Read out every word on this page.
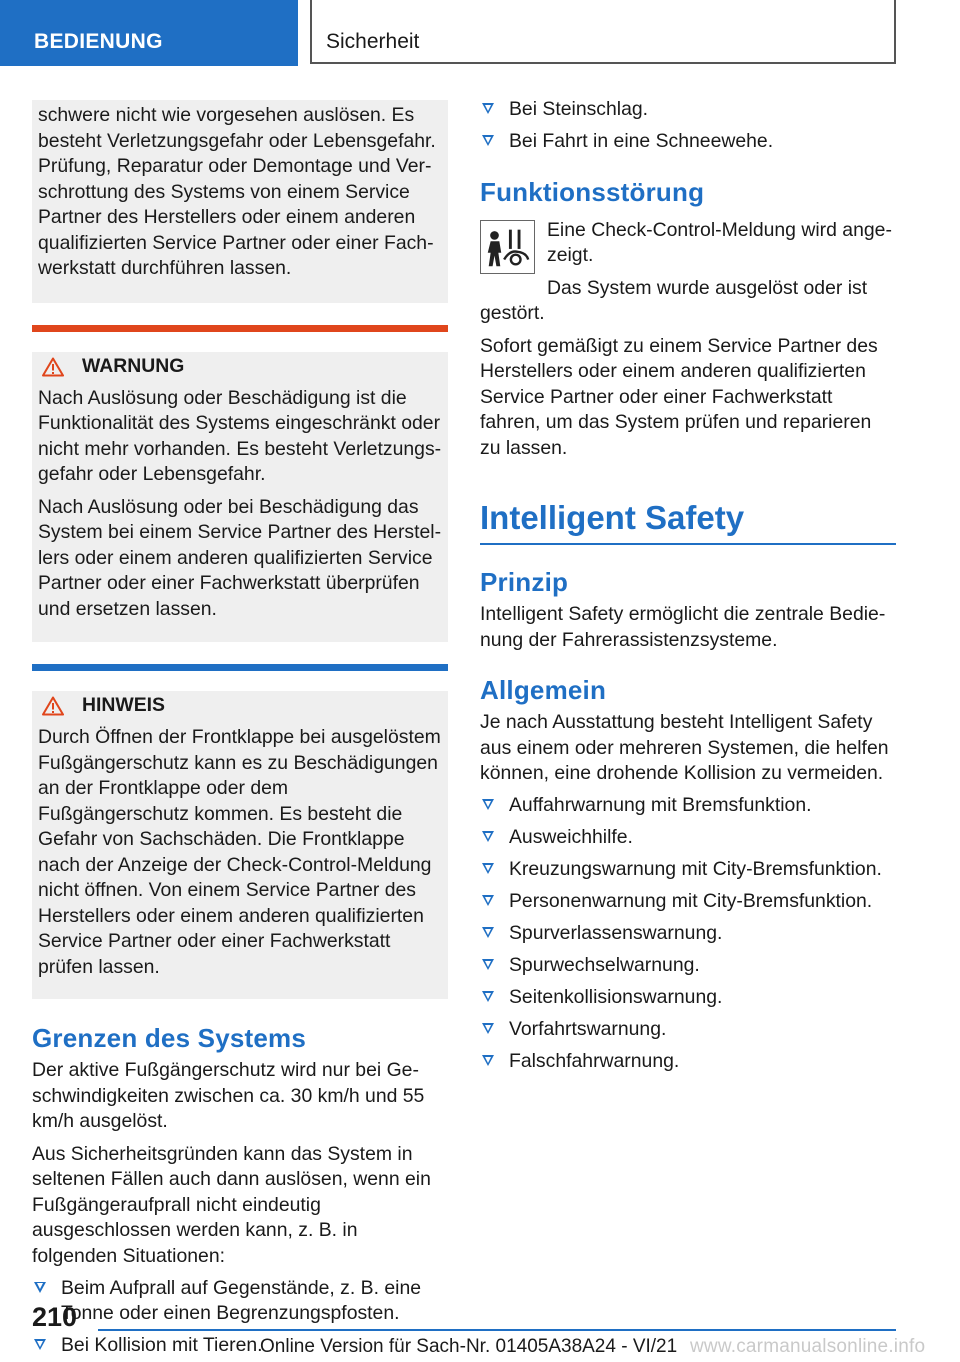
BEDIENUNG	Sicherheit

schwere nicht wie vorgesehen auslösen. Es besteht Verletzungsgefahr oder Lebensgefahr. Prüfung, Reparatur oder Demontage und Verschrottung des Systems von einem Service Partner des Herstellers oder einem anderen qualifizierten Service Partner oder einer Fachwerkstatt durchführen lassen.

WARNUNG

Nach Auslösung oder Beschädigung ist die Funktionalität des Systems eingeschränkt oder nicht mehr vorhanden. Es besteht Verletzungsgefahr oder Lebensgefahr.

Nach Auslösung oder bei Beschädigung das System bei einem Service Partner des Herstellers oder einem anderen qualifizierten Service Partner oder einer Fachwerkstatt überprüfen und ersetzen lassen.

HINWEIS

Durch Öffnen der Frontklappe bei ausgelöstem Fußgängerschutz kann es zu Beschädigungen an der Frontklappe oder dem Fußgängerschutz kommen. Es besteht die Gefahr von Sachschäden. Die Frontklappe nach der Anzeige der Check-Control-Meldung nicht öffnen. Von einem Service Partner des Herstellers oder einem anderen qualifizierten Service Partner oder einer Fachwerkstatt prüfen lassen.

Grenzen des Systems

Der aktive Fußgängerschutz wird nur bei Geschwindigkeiten zwischen ca. 30 km/h und 55 km/h ausgelöst.

Aus Sicherheitsgründen kann das System in seltenen Fällen auch dann auslösen, wenn ein Fußgängeraufprall nicht eindeutig ausgeschlossen werden kann, z. B. in folgenden Situationen:

Beim Aufprall auf Gegenstände, z. B. eine Tonne oder einen Begrenzungspfosten.
Bei Kollision mit Tieren.
Bei Steinschlag.
Bei Fahrt in eine Schneewehe.
Funktionsstörung

Eine Check-Control-Meldung wird angezeigt.

Das System wurde ausgelöst oder ist gestört.

Sofort gemäßigt zu einem Service Partner des Herstellers oder einem anderen qualifizierten Service Partner oder einer Fachwerkstatt fahren, um das System prüfen und reparieren zu lassen.

Intelligent Safety
Prinzip

Intelligent Safety ermöglicht die zentrale Bedienung der Fahrerassistenzsysteme.

Allgemein

Je nach Ausstattung besteht Intelligent Safety aus einem oder mehreren Systemen, die helfen können, eine drohende Kollision zu vermeiden.

Auffahrwarnung mit Bremsfunktion.
Ausweichhilfe.
Kreuzungswarnung mit City-Bremsfunktion.
Personenwarnung mit City-Bremsfunktion.
Spurverlassenswarnung.
Spurwechselwarnung.
Seitenkollisionswarnung.
Vorfahrtswarnung.
Falschfahrwarnung.
210
Online Version für Sach-Nr. 01405A38A24 - VI/21 www.carmanualsonline.info
